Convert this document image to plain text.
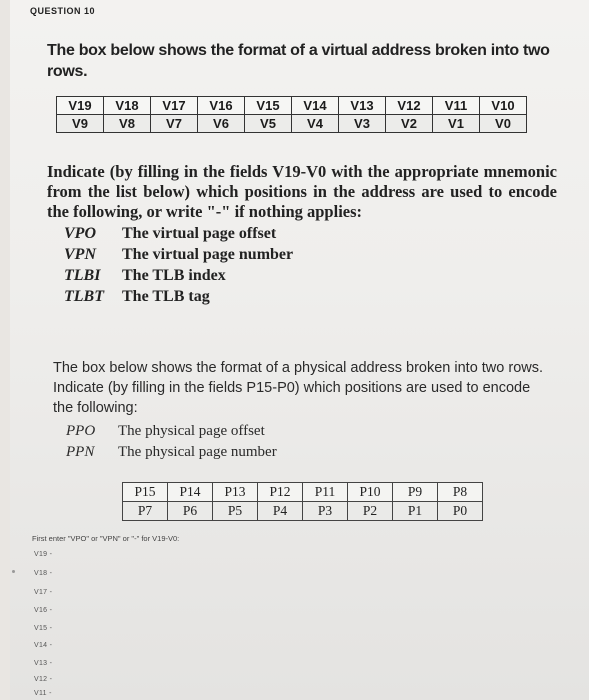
QUESTION 10
The box below shows the format of a virtual address broken into two rows.
V19	V18	V17	V16	V15	V14	V13	V12	V11	V10
V9	V8	V7	V6	V5	V4	V3	V2	V1	V0
Indicate (by filling in the fields V19-V0 with the appropriate mnemonic from the list below) which positions in the address are used to encode the following, or write "-" if nothing applies:
VPO The virtual page offset
VPN The virtual page number
TLBI The TLB index
TLBT The TLB tag
The box below shows the format of a physical address broken into two rows. Indicate (by filling in the fields P15-P0) which positions are used to encode the following:
PPO The physical page offset
PPN The physical page number
P15	P14	P13	P12	P11	P10	P9	P8
P7	P6	P5	P4	P3	P2	P1	P0
First enter "VPO" or "VPN" or "-" for V19-V0:
V19 -
V18 -
V17 -
V16 -
V15 -
V14 -
V13 -
V12 -
V11 -
